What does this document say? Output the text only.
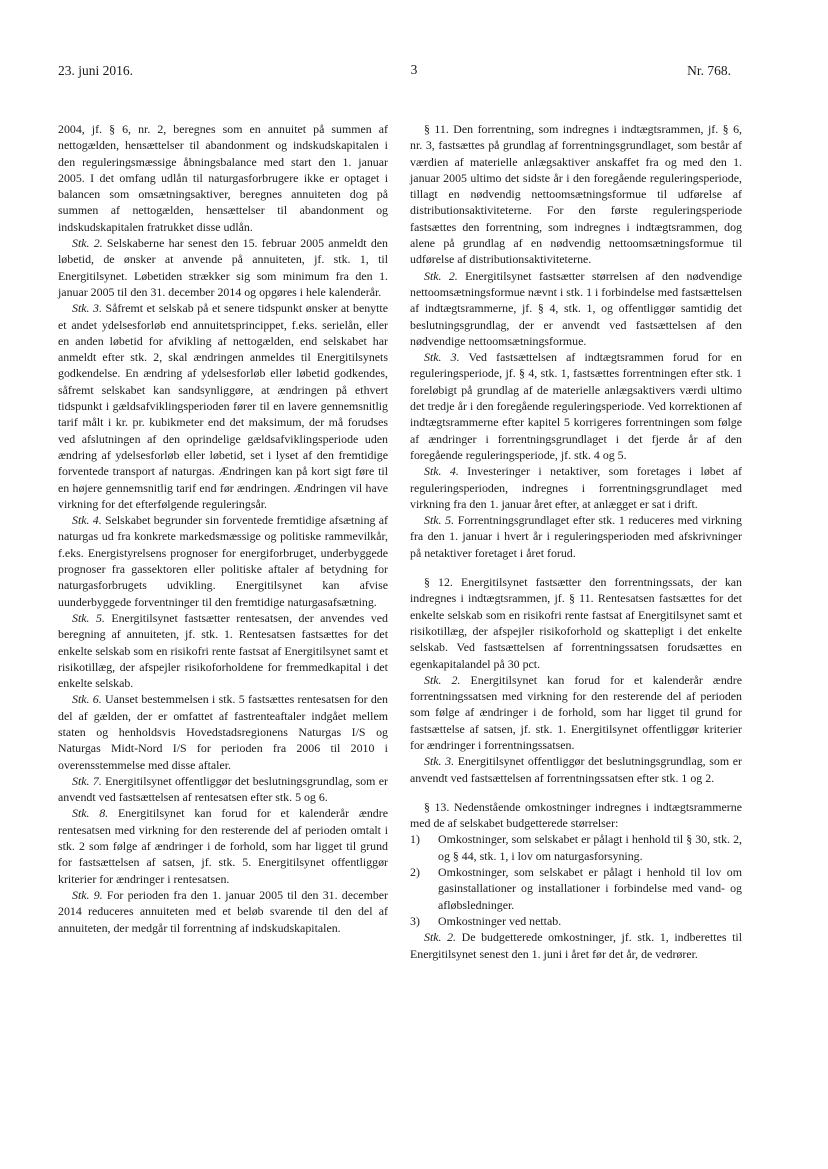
23. juni 2016.	3	Nr. 768.

2004, jf. § 6, nr. 2, beregnes som en annuitet på summen af nettogælden, hensættelser til abandonment og indskudskapitalen i den reguleringsmæssige åbningsbalance med start den 1. januar 2005. I det omfang udlån til naturgasforbrugere ikke er optaget i balancen som omsætningsaktiver, beregnes annuiteten dog på summen af nettogælden, hensættelser til abandonment og indskudskapitalen fratrukket disse udlån.

Stk. 2. Selskaberne har senest den 15. februar 2005 anmeldt den løbetid, de ønsker at anvende på annuiteten, jf. stk. 1, til Energitilsynet. Løbetiden strækker sig som minimum fra den 1. januar 2005 til den 31. december 2014 og opgøres i hele kalenderår.

Stk. 3. Såfremt et selskab på et senere tidspunkt ønsker at benytte et andet ydelsesforløb end annuitetsprincippet, f.eks. serielån, eller en anden løbetid for afvikling af nettogælden, end selskabet har anmeldt efter stk. 2, skal ændringen anmeldes til Energitilsynets godkendelse. En ændring af ydelsesforløb eller løbetid godkendes, såfremt selskabet kan sandsynliggøre, at ændringen på ethvert tidspunkt i gældsafviklingsperioden fører til en lavere gennemsnitlig tarif målt i kr. pr. kubikmeter end det maksimum, der må forudses ved afslutningen af den oprindelige gældsafviklingsperiode uden ændring af ydelsesforløb eller løbetid, set i lyset af den fremtidige forventede transport af naturgas. Ændringen kan på kort sigt føre til en højere gennemsnitlig tarif end før ændringen. Ændringen vil have virkning for det efterfølgende reguleringsår.

Stk. 4. Selskabet begrunder sin forventede fremtidige afsætning af naturgas ud fra konkrete markedsmæssige og politiske rammevilkår, f.eks. Energistyrelsens prognoser for energiforbruget, underbyggede prognoser fra gassektoren eller politiske aftaler af betydning for naturgasforbrugets udvikling. Energitilsynet kan afvise uunderbyggede forventninger til den fremtidige naturgasafsætning.

Stk. 5. Energitilsynet fastsætter rentesatsen, der anvendes ved beregning af annuiteten, jf. stk. 1. Rentesatsen fastsættes for det enkelte selskab som en risikofri rente fastsat af Energitilsynet samt et risikotillæg, der afspejler risikoforholdene for fremmedkapital i det enkelte selskab.

Stk. 6. Uanset bestemmelsen i stk. 5 fastsættes rentesatsen for den del af gælden, der er omfattet af fastrenteaftaler indgået mellem staten og henholdsvis Hovedstadsregionens Naturgas I/S og Naturgas Midt-Nord I/S for perioden fra 2006 til 2010 i overensstemmelse med disse aftaler.

Stk. 7. Energitilsynet offentliggør det beslutningsgrundlag, som er anvendt ved fastsættelsen af rentesatsen efter stk. 5 og 6.

Stk. 8. Energitilsynet kan forud for et kalenderår ændre rentesatsen med virkning for den resterende del af perioden omtalt i stk. 2 som følge af ændringer i de forhold, som har ligget til grund for fastsættelsen af satsen, jf. stk. 5. Energitilsynet offentliggør kriterier for ændringer i rentesatsen.

Stk. 9. For perioden fra den 1. januar 2005 til den 31. december 2014 reduceres annuiteten med et beløb svarende til den del af annuiteten, der medgår til forrentning af indskudskapitalen.

§ 11. Den forrentning, som indregnes i indtægtsrammen, jf. § 6, nr. 3, fastsættes på grundlag af forrentningsgrundlaget, som består af værdien af materielle anlægsaktiver anskaffet fra og med den 1. januar 2005 ultimo det sidste år i den foregående reguleringsperiode, tillagt en nødvendig nettoomsætningsformue til udførelse af distributionsaktiviteterne. For den første reguleringsperiode fastsættes den forrentning, som indregnes i indtægtsrammen, dog alene på grundlag af en nødvendig nettoomsætningsformue til udførelse af distributionsaktiviteterne.

Stk. 2. Energitilsynet fastsætter størrelsen af den nødvendige nettoomsætningsformue nævnt i stk. 1 i forbindelse med fastsættelsen af indtægtsrammerne, jf. § 4, stk. 1, og offentliggør samtidig det beslutningsgrundlag, der er anvendt ved fastsættelsen af den nødvendige nettoomsætningsformue.

Stk. 3. Ved fastsættelsen af indtægtsrammen forud for en reguleringsperiode, jf. § 4, stk. 1, fastsættes forrentningen efter stk. 1 foreløbigt på grundlag af de materielle anlægsaktivers værdi ultimo det tredje år i den foregående reguleringsperiode. Ved korrektionen af indtægtsrammerne efter kapitel 5 korrigeres forrentningen som følge af ændringer i forrentningsgrundlaget i det fjerde år af den foregående reguleringsperiode, jf. stk. 4 og 5.

Stk. 4. Investeringer i netaktiver, som foretages i løbet af reguleringsperioden, indregnes i forrentningsgrundlaget med virkning fra den 1. januar året efter, at anlægget er sat i drift.

Stk. 5. Forrentningsgrundlaget efter stk. 1 reduceres med virkning fra den 1. januar i hvert år i reguleringsperioden med afskrivninger på netaktiver foretaget i året forud.

§ 12. Energitilsynet fastsætter den forrentningssats, der kan indregnes i indtægtsrammen, jf. § 11. Rentesatsen fastsættes for det enkelte selskab som en risikofri rente fastsat af Energitilsynet samt et risikotillæg, der afspejler risikoforhold og skattepligt i det enkelte selskab. Ved fastsættelsen af forrentningssatsen forudsættes en egenkapitalandel på 30 pct.

Stk. 2. Energitilsynet kan forud for et kalenderår ændre forrentningssatsen med virkning for den resterende del af perioden som følge af ændringer i de forhold, som har ligget til grund for fastsættelse af satsen, jf. stk. 1. Energitilsynet offentliggør kriterier for ændringer i forrentningssatsen.

Stk. 3. Energitilsynet offentliggør det beslutningsgrundlag, som er anvendt ved fastsættelsen af forrentningssatsen efter stk. 1 og 2.

§ 13. Nedenstående omkostninger indregnes i indtægtsrammerne med de af selskabet budgetterede størrelser:

1)	Omkostninger, som selskabet er pålagt i henhold til § 30, stk. 2, og § 44, stk. 1, i lov om naturgasforsyning.
2)	Omkostninger, som selskabet er pålagt i henhold til lov om gasinstallationer og installationer i forbindelse med vand- og afløbsledninger.
3)	Omkostninger ved nettab.

Stk. 2. De budgetterede omkostninger, jf. stk. 1, indberettes til Energitilsynet senest den 1. juni i året før det år, de vedrører.
